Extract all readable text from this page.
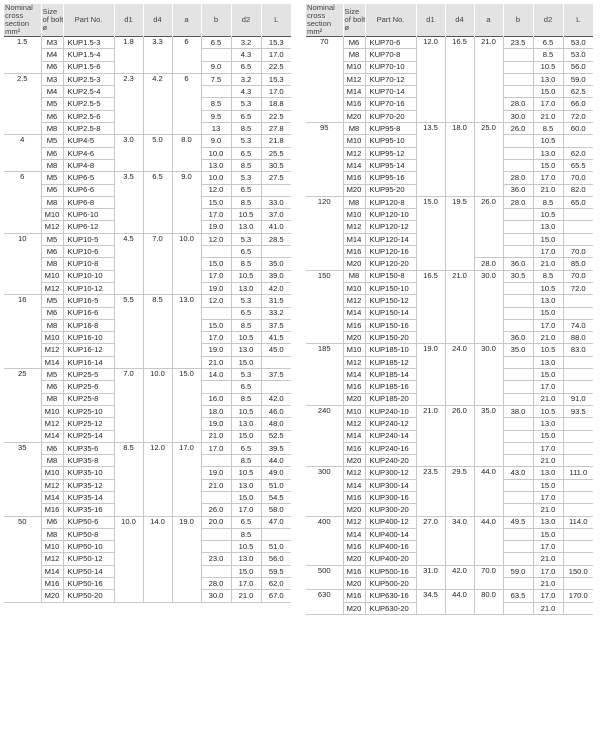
Nominal
cross
section
mm²	Size
of bolt
ø	Part No.	d1	d4	a	b	d2	L
1.5	M3	KUP1.5-3	1.8	3.3	6	6.5	3.2	15.3
	M4	KUP1.5-4					4.3	17.0
	M6	KUP1.5-6				9.0	6.5	22.5
2.5	M3	KUP2.5-3	2.3	4.2	6	7.5	3.2	15.3
	M4	KUP2.5-4					4.3	17.0
	M5	KUP2.5-5				8.5	5.3	18.8
	M6	KUP2.5-6				9.5	6.5	22.5
	M8	KUP2.5-8				13	8.5	27.8
4	M5	KUP4-5	3.0	5.0	8.0	9.0	5.3	21.8
	M6	KUP4-6				10.0	6.5	25.5
	M8	KUP4-8				13.0	8.5	30.5
6	M5	KUP6-5	3.5	6.5	9.0	10.0	5.3	27.5
	M6	KUP6-6				12.0	6.5	
	M8	KUP6-8				15.0	8.5	33.0
	M10	KUP6-10				17.0	10.5	37.0
	M12	KUP6-12				19.0	13.0	41.0
10	M5	KUP10-5	4.5	7.0	10.0	12.0	5.3	28.5
	M6	KUP10-6					6.5	
	M8	KUP10-8				15.0	8.5	35.0
	M10	KUP10-10				17.0	10.5	39.0
	M12	KUP10-12				19.0	13.0	42.0
16	M5	KUP16-5	5.5	8.5	13.0	12.0	5.3	31.5
	M6	KUP16-6					6.5	33.2
	M8	KUP16-8				15.0	8.5	37.5
	M10	KUP16-10				17.0	10.5	41.5
	M12	KUP16-12				19.0	13.0	45.0
	M14	KUP16-14				21.0	15.0	
25	M5	KUP25-5	7.0	10.0	15.0	14.0	5.3	37.5
	M6	KUP25-6					6.5	
	M8	KUP25-8				16.0	8.5	42.0
	M10	KUP25-10				18.0	10.5	46.0
	M12	KUP25-12				19.0	13.0	48.0
	M14	KUP25-14				21.0	15.0	52.5
35	M6	KUP35-6	8.5	12.0	17.0	17.0	6.5	39.5
	M8	KUP35-8					8.5	44.0
	M10	KUP35-10				19.0	10.5	49.0
	M12	KUP35-12				21.0	13.0	51.0
	M14	KUP35-14					15.0	54.5
	M16	KUP35-16				26.0	17.0	58.0
50	M6	KUP50-6	10.0	14.0	19.0	20.0	6.5	47.0
	M8	KUP50-8					8.5	
	M10	KUP50-10					10.5	51.0
	M12	KUP50-12				23.0	13.0	56.0
	M14	KUP50-14					15.0	59.5
	M16	KUP50-16				28.0	17.0	62.0
	M20	KUP50-20				30.0	21.0	67.0
Nominal
cross
section
mm²	Size
of bolt
ø	Part No.	d1	d4	a	b	d2	L
70	M6	KUP70-6	12.0	16.5	21.0	23.5	6.5	53.0
	M8	KUP70-8					8.5	53.0
	M10	KUP70-10					10.5	56.0
	M12	KUP70-12					13.0	59.0
	M14	KUP70-14					15.0	62.5
	M16	KUP70-16				28.0	17.0	66.0
	M20	KUP70-20				30.0	21.0	72.0
95	M8	KUP95-8	13.5	18.0	25.0	26.0	8.5	60.0
	M10	KUP95-10					10.5	
	M12	KUP95-12					13.0	62.0
	M14	KUP95-14					15.0	65.5
	M16	KUP95-16				28.0	17.0	70.0
	M20	KUP95-20				36.0	21.0	82.0
120	M8	KUP120-8	15.0	19.5	26.0	28.0	8.5	65.0
	M10	KUP120-10					10.5	
	M12	KUP120-12					13.0	
	M14	KUP120-14					15.0	
	M16	KUP120-16					17.0	70.0
	M20	KUP120-20			28.0	36.0	21.0	85.0
150	M8	KUP150-8	16.5	21.0	30.0	30.5	8.5	70.0
	M10	KUP150-10					10.5	72.0
	M12	KUP150-12					13.0	
	M14	KUP150-14					15.0	
	M16	KUP150-16					17.0	74.0
	M20	KUP150-20				36.0	21.0	88.0
185	M10	KUP185-10	19.0	24.0	30.0	35.0	10.5	83.0
	M12	KUP185-12					13.0	
	M14	KUP185-14					15.0	
	M16	KUP185-16					17.0	
	M20	KUP185-20					21.0	91.0
240	M10	KUP240-10	21.0	26.0	35.0	38.0	10.5	93.5
	M12	KUP240-12					13.0	
	M14	KUP240-14					15.0	
	M16	KUP240-16					17.0	
	M20	KUP240-20					21.0	
300	M12	KUP300-12	23.5	29.5	44.0	43.0	13.0	111.0
	M14	KUP300-14					15.0	
	M16	KUP300-16					17.0	
	M20	KUP300-20					21.0	
400	M12	KUP400-12	27.0	34.0	44.0	49.5	13.0	114.0
	M14	KUP400-14					15.0	
	M16	KUP400-16					17.0	
	M20	KUP400-20					21.0	
500	M16	KUP500-16	31.0	42.0	70.0	59.0	17.0	150.0
	M20	KUP500-20					21.0	
630	M16	KUP630-16	34.5	44.0	80.0	63.5	17.0	170.0
	M20	KUP630-20					21.0	
